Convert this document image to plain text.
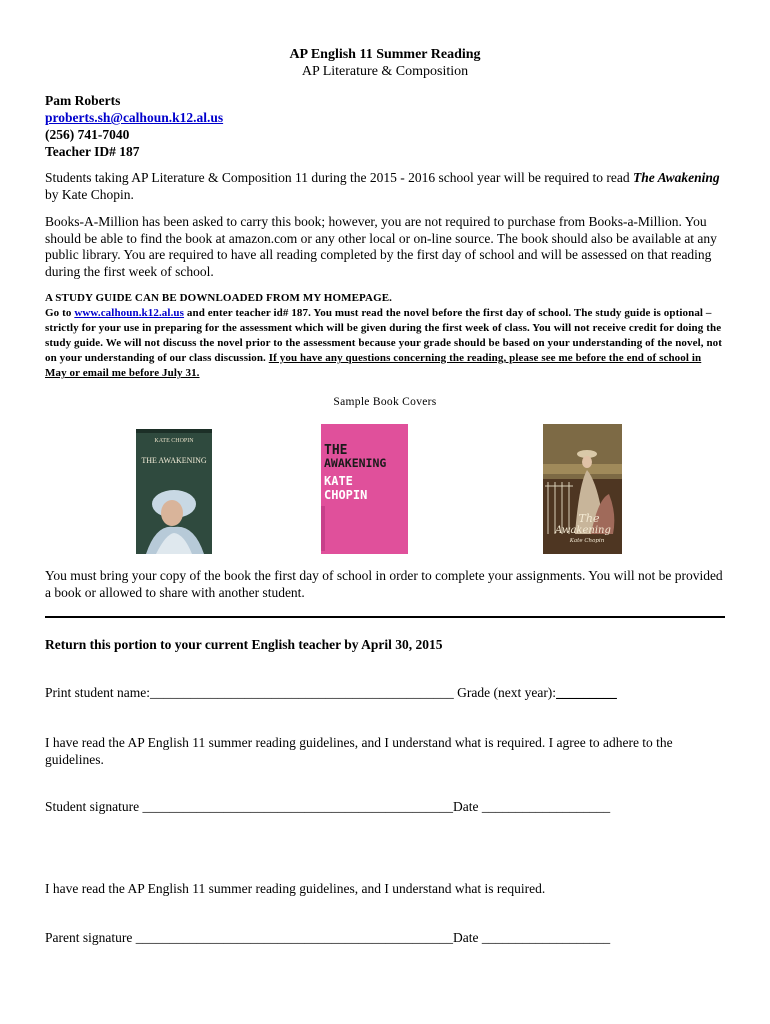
AP English 11 Summer Reading
AP Literature & Composition
Pam Roberts
proberts.sh@calhoun.k12.al.us
(256) 741-7040
Teacher ID# 187
Students taking AP Literature & Composition 11 during the 2015 - 2016 school year will be required to read The Awakening by Kate Chopin.
Books-A-Million has been asked to carry this book; however, you are not required to purchase from Books-a-Million. You should be able to find the book at amazon.com or any other local or on-line source. The book should also be available at any public library. You are required to have all reading completed by the first day of school and will be assessed on that reading during the first week of school.
A STUDY GUIDE CAN BE DOWNLOADED FROM MY HOMEPAGE.
Go to www.calhoun.k12.al.us and enter teacher id# 187. You must read the novel before the first day of school. The study guide is optional – strictly for your use in preparing for the assessment which will be given during the first week of class. You will not receive credit for doing the study guide. We will not discuss the novel prior to the assessment because your grade should be based on your understanding of the novel, not on your understanding of our class discussion. If you have any questions concerning the reading, please see me before the end of school in May or email me before July 31.
Sample Book Covers
KATE CHOPIN
THE AWAKENING
THE
AWAKENING
KATE
CHOPIN
The
Awakening
Kate Chopin
You must bring your copy of the book the first day of school in order to complete your assignments. You will not be provided a book or allowed to share with another student.
Return this portion to your current English teacher by April 30, 2015
Print student name:_____________________________________________ Grade (next year):_________
I have read the AP English 11 summer reading guidelines, and I understand what is required. I agree to adhere to the guidelines.
Student signature ______________________________________________Date ___________________
I have read the AP English 11 summer reading guidelines, and I understand what is required.
Parent signature _______________________________________________Date ___________________
